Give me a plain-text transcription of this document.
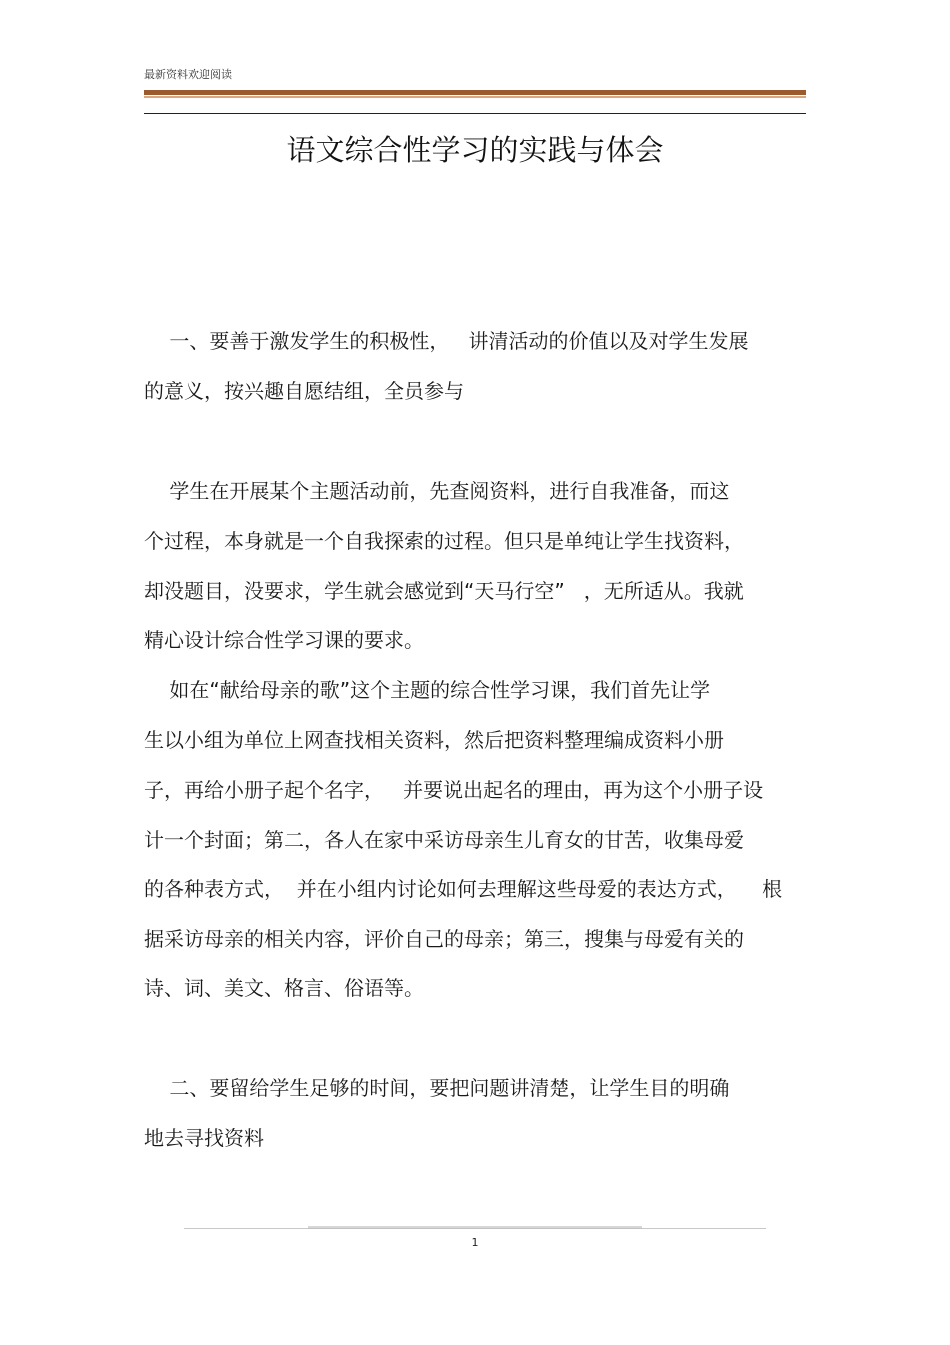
最新资料欢迎阅读
语文综合性学习的实践与体会
一、要善于激发学生的积极性，   讲清活动的价值以及对学生发展
的意义，按兴趣自愿结组，全员参与
学生在开展某个主题活动前，先查阅资料，进行自我准备，而这
个过程，本身就是一个自我探索的过程。但只是单纯让学生找资料，
却没题目，没要求，学生就会感觉到“天马行空”   ，无所适从。我就
精心设计综合性学习课的要求。
如在“献给母亲的歌”这个主题的综合性学习课，我们首先让学
生以小组为单位上网查找相关资料，然后把资料整理编成资料小册
子，再给小册子起个名字，   并要说出起名的理由，再为这个小册子设
计一个封面；第二，各人在家中采访母亲生儿育女的甘苦，收集母爱
的各种表方式，  并在小组内讨论如何去理解这些母爱的表达方式，    根
据采访母亲的相关内容，评价自己的母亲；第三，搜集与母爱有关的
诗、词、美文、格言、俗语等。
二、要留给学生足够的时间，要把问题讲清楚，让学生目的明确
地去寻找资料
1
